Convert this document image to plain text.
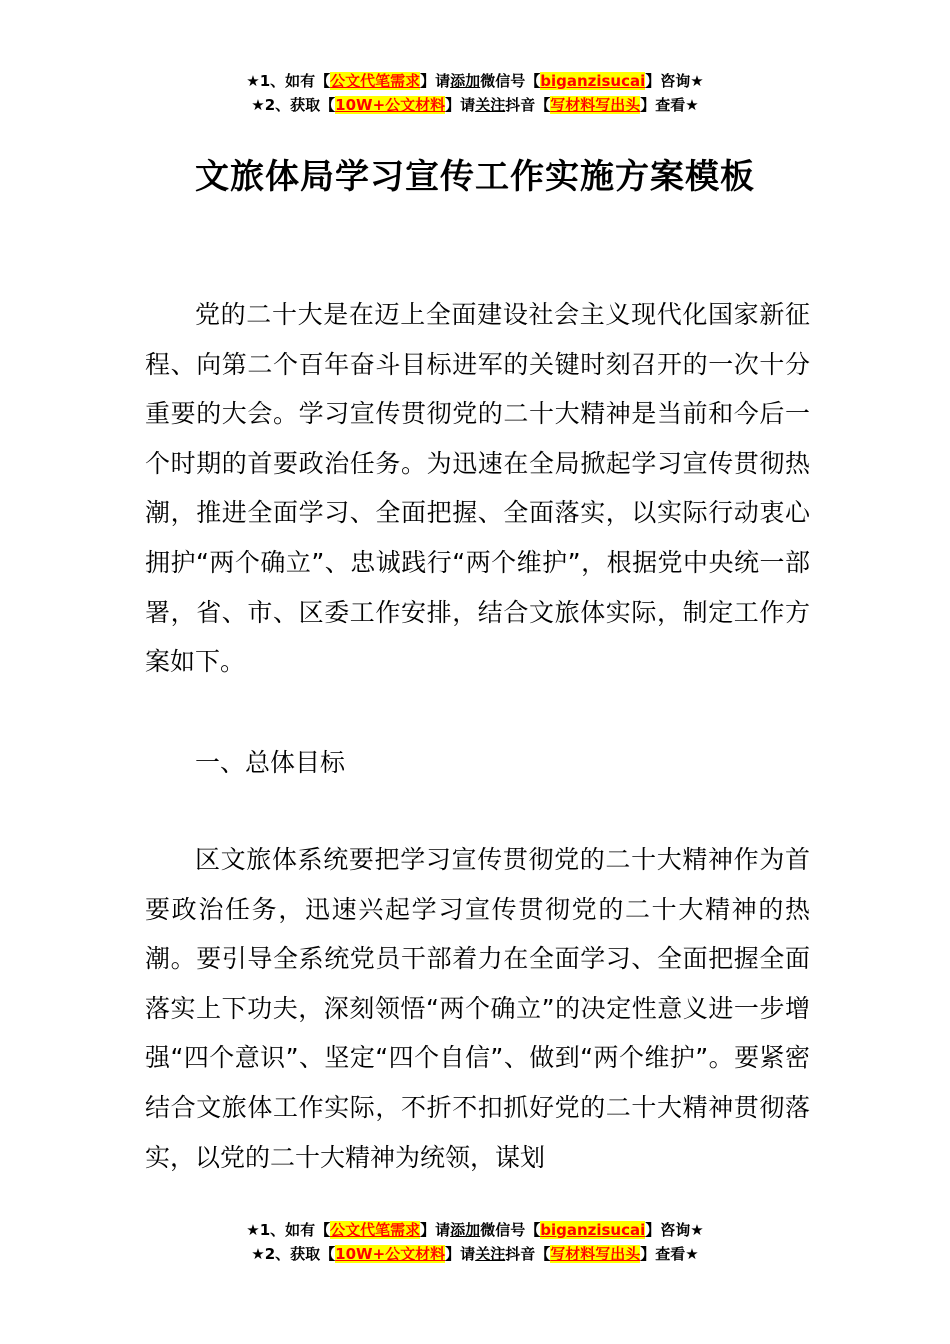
★1、如有【公文代笔需求】请添加微信号【biganzisucai】咨询★
★2、获取【10W+公文材料】请关注抖音【写材料写出头】查看★
文旅体局学习宣传工作实施方案模板

党的二十大是在迈上全面建设社会主义现代化国家新征程、向第二个百年奋斗目标进军的关键时刻召开的一次十分重要的大会。学习宣传贯彻党的二十大精神是当前和今后一个时期的首要政治任务。为迅速在全局掀起学习宣传贯彻热潮，推进全面学习、全面把握、全面落实，以实际行动衷心拥护“两个确立”、忠诚践行“两个维护”，根据党中央统一部署，省、市、区委工作安排，结合文旅体实际，制定工作方案如下。

一、总体目标

区文旅体系统要把学习宣传贯彻党的二十大精神作为首要政治任务，迅速兴起学习宣传贯彻党的二十大精神的热潮。要引导全系统党员干部着力在全面学习、全面把握全面落实上下功夫，深刻领悟“两个确立”的决定性意义进一步增强“四个意识”、坚定“四个自信”、做到“两个维护”。要紧密结合文旅体工作实际，不折不扣抓好党的二十大精神贯彻落实，以党的二十大精神为统领，谋划

★1、如有【公文代笔需求】请添加微信号【biganzisucai】咨询★
★2、获取【10W+公文材料】请关注抖音【写材料写出头】查看★
